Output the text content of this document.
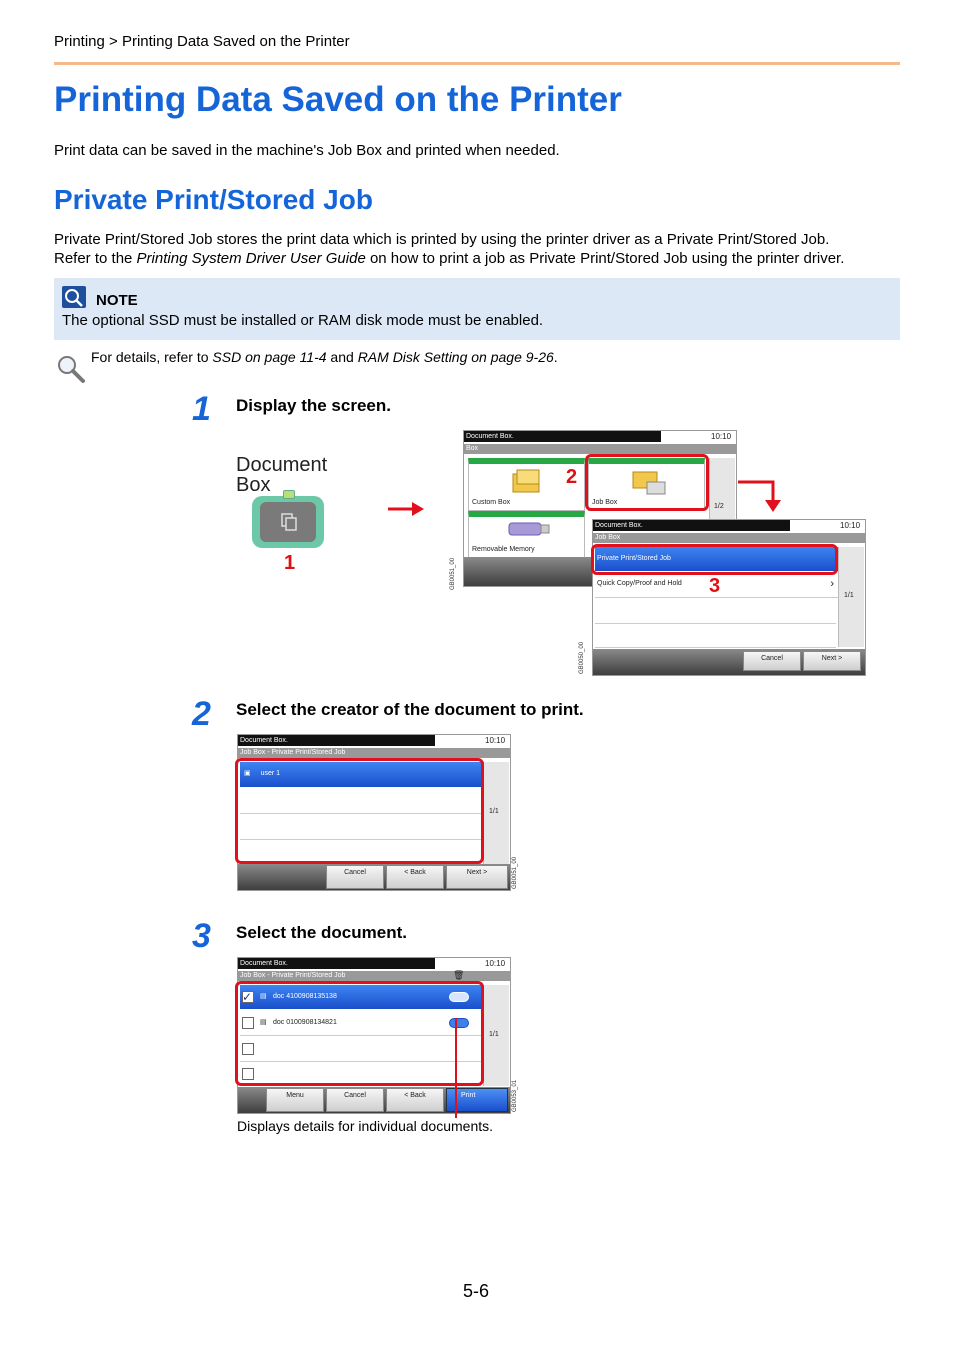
Printing > Printing Data Saved on the Printer
Printing Data Saved on the Printer
Print data can be saved in the machine's Job Box and printed when needed.
Private Print/Stored Job
Private Print/Stored Job stores the print data which is printed by using the printer driver as a Private Print/Stored Job.
Refer to the Printing System Driver User Guide on how to print a job as Private Print/Stored Job using the printer driver.
NOTE
The optional SSD must be installed or RAM disk mode must be enabled.
For details, refer to SSD on page 11-4 and RAM Disk Setting on page 9-26.
1 Display the screen.
Document
Box
1
Document Box.	10:10
Box
Custom Box	Job Box
Removable Memory
1/2
GB0051_00
2
Document Box.	10:10
Job Box
Private Print/Stored Job
Quick Copy/Proof and Hold	›
1/1
Cancel	Next >
GB0050_00
3
2 Select the creator of the document to print.
Document Box.	10:10
Job Box - Private Print/Stored Job
▣ user 1
1/1
Cancel	< Back	Next >	GB0051_00
3 Select the document.
Document Box.	10:10
Job Box - Private Print/Stored Job	🗑
✓ ▤ doc 4100908135138
▤ doc 0100908134821
1/1
Menu	Cancel	< Back	Print	GB0053_01
Displays details for individual documents.
5-6
